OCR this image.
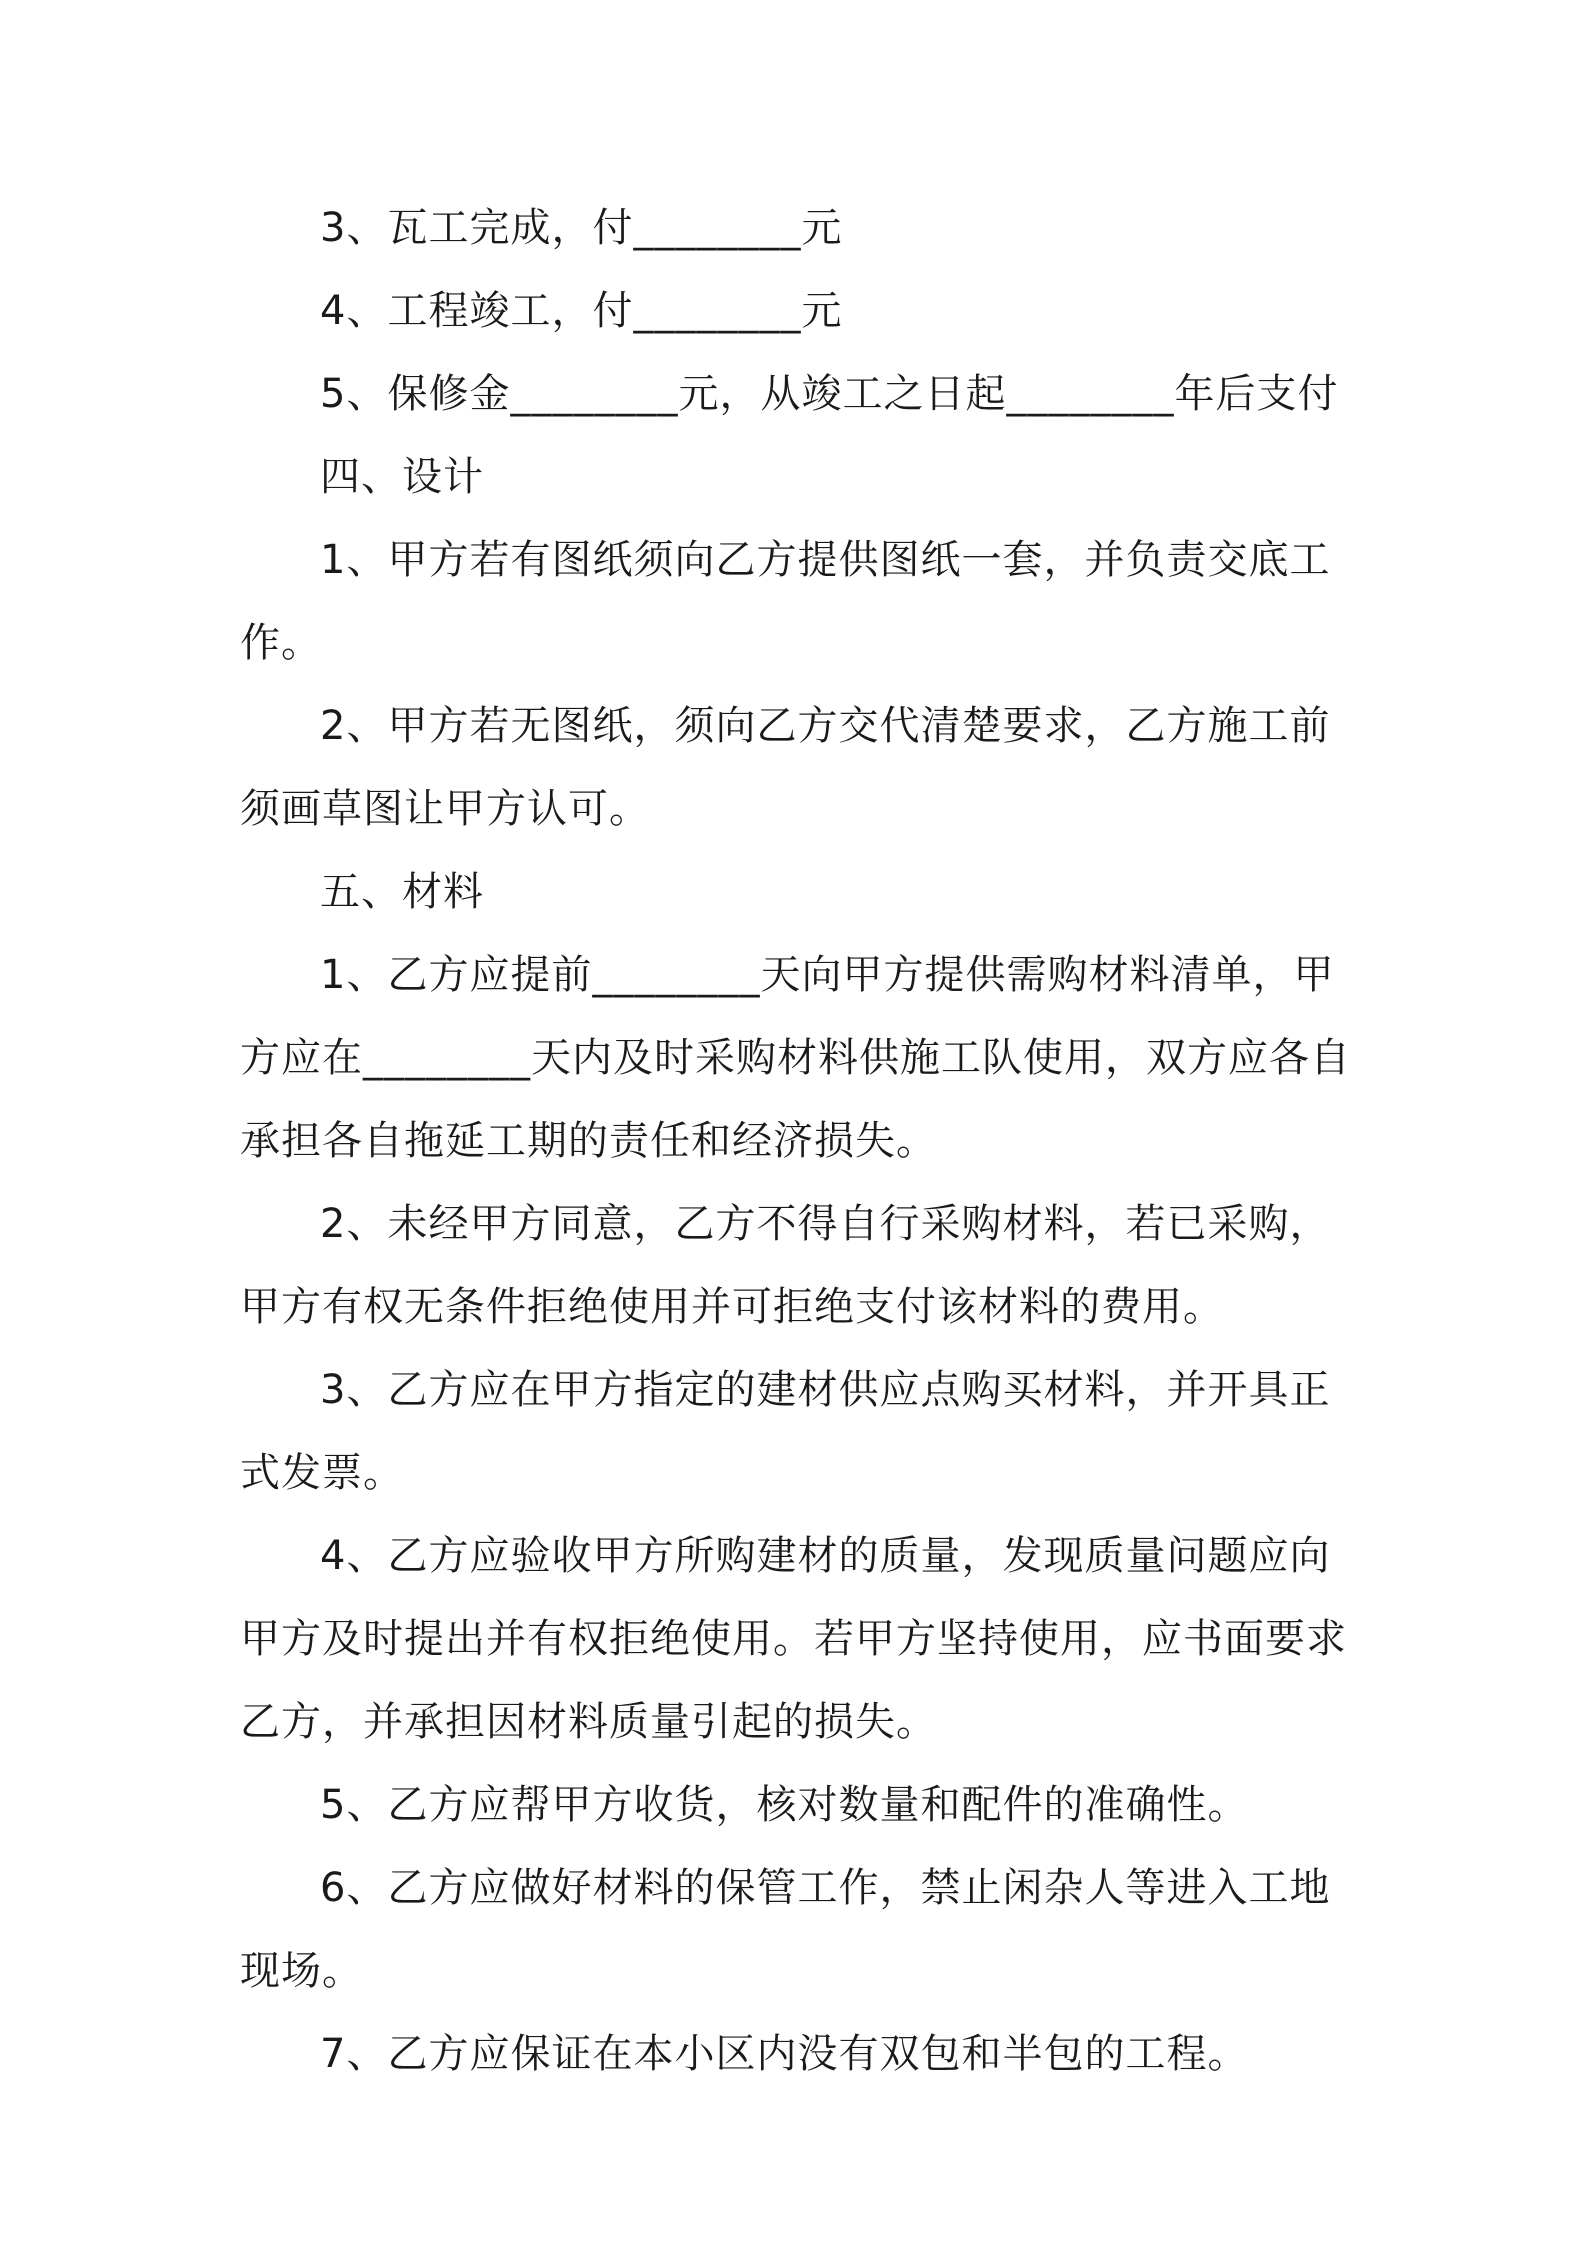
3、瓦工完成，付________元
4、工程竣工，付________元
5、保修金________元，从竣工之日起________年后支付
四、设计
1、甲方若有图纸须向乙方提供图纸一套，并负责交底工作。
2、甲方若无图纸，须向乙方交代清楚要求，乙方施工前须画草图让甲方认可。
五、材料
1、乙方应提前________天向甲方提供需购材料清单，甲方应在________天内及时采购材料供施工队使用，双方应各自承担各自拖延工期的责任和经济损失。
2、未经甲方同意，乙方不得自行采购材料，若已采购，甲方有权无条件拒绝使用并可拒绝支付该材料的费用。
3、乙方应在甲方指定的建材供应点购买材料，并开具正式发票。
4、乙方应验收甲方所购建材的质量，发现质量问题应向甲方及时提出并有权拒绝使用。若甲方坚持使用，应书面要求乙方，并承担因材料质量引起的损失。
5、乙方应帮甲方收货，核对数量和配件的准确性。
6、乙方应做好材料的保管工作，禁止闲杂人等进入工地现场。
7、乙方应保证在本小区内没有双包和半包的工程。
